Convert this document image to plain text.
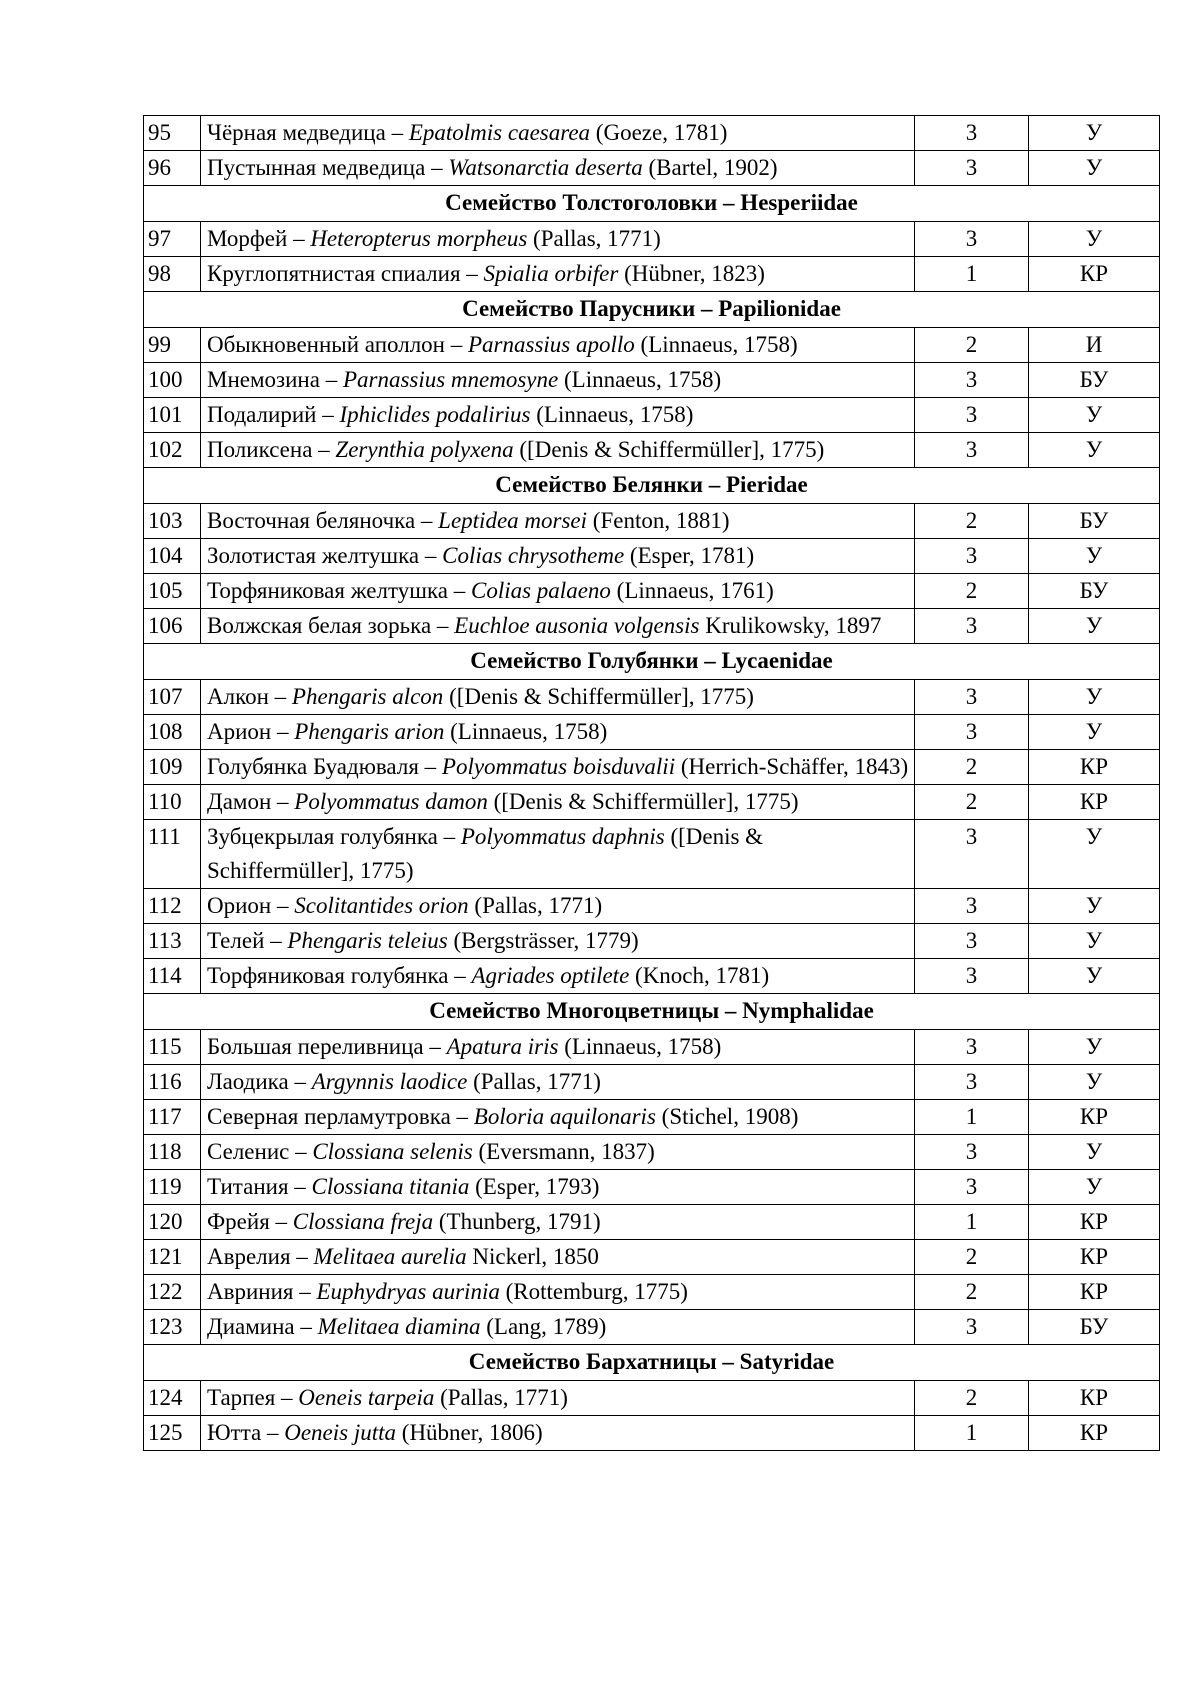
95	Чёрная медведица – Epatolmis caesarea (Goeze, 1781)	3	У
96	Пустынная медведица – Watsonarctia deserta (Bartel, 1902)	3	У
Семейство Толстоголовки – Hesperiidae			
97	Морфей – Heteropterus morpheus (Pallas, 1771)	3	У
98	Круглопятнистая спиалия – Spialia orbifer (Hübner, 1823)	1	КР
Семейство Парусники – Papilionidae			
99	Обыкновенный аполлон – Parnassius apollo (Linnaeus, 1758)	2	И
100	Мнемозина – Parnassius mnemosyne (Linnaeus, 1758)	3	БУ
101	Подалирий – Iphiclides podalirius (Linnaeus, 1758)	3	У
102	Поликсена – Zerynthia polyxena ([Denis & Schiffermüller], 1775)	3	У
Семейство Белянки – Pieridae			
103	Восточная беляночка – Leptidea morsei (Fenton, 1881)	2	БУ
104	Золотистая желтушка – Colias chrysotheme (Esper, 1781)	3	У
105	Торфяниковая желтушка – Colias palaeno (Linnaeus, 1761)	2	БУ
106	Волжская белая зорька – Euchloe ausonia volgensis Krulikowsky, 1897	3	У
Семейство Голубянки – Lycaenidae			
107	Алкон – Phengaris alcon ([Denis & Schiffermüller], 1775)	3	У
108	Арион – Phengaris arion (Linnaeus, 1758)	3	У
109	Голубянка Буадюваля – Polyommatus boisduvalii (Herrich-Schäffer, 1843)	2	КР
110	Дамон – Polyommatus damon ([Denis & Schiffermüller], 1775)	2	КР
111	Зубцекрылая голубянка – Polyommatus daphnis ([Denis & Schiffermüller], 1775)	3	У
112	Орион – Scolitantides orion (Pallas, 1771)	3	У
113	Телей – Phengaris teleius (Bergsträsser, 1779)	3	У
114	Торфяниковая голубянка – Agriades optilete (Knoch, 1781)	3	У
Семейство Многоцветницы – Nymphalidae			
115	Большая переливница – Apatura iris (Linnaeus, 1758)	3	У
116	Лаодика – Argynnis laodice (Pallas, 1771)	3	У
117	Северная перламутровка – Boloria aquilonaris (Stichel, 1908)	1	КР
118	Селенис – Clossiana selenis (Eversmann, 1837)	3	У
119	Титания – Clossiana titania (Esper, 1793)	3	У
120	Фрейя – Clossiana freja (Thunberg, 1791)	1	КР
121	Аврелия – Melitaea aurelia Nickerl, 1850	2	КР
122	Авриния – Euphydryas aurinia (Rottemburg, 1775)	2	КР
123	Диамина – Melitaea diamina (Lang, 1789)	3	БУ
Семейство Бархатницы – Satyridae			
124	Тарпея – Oeneis tarpeia (Pallas, 1771)	2	КР
125	Ютта – Oeneis jutta (Hübner, 1806)	1	КР
